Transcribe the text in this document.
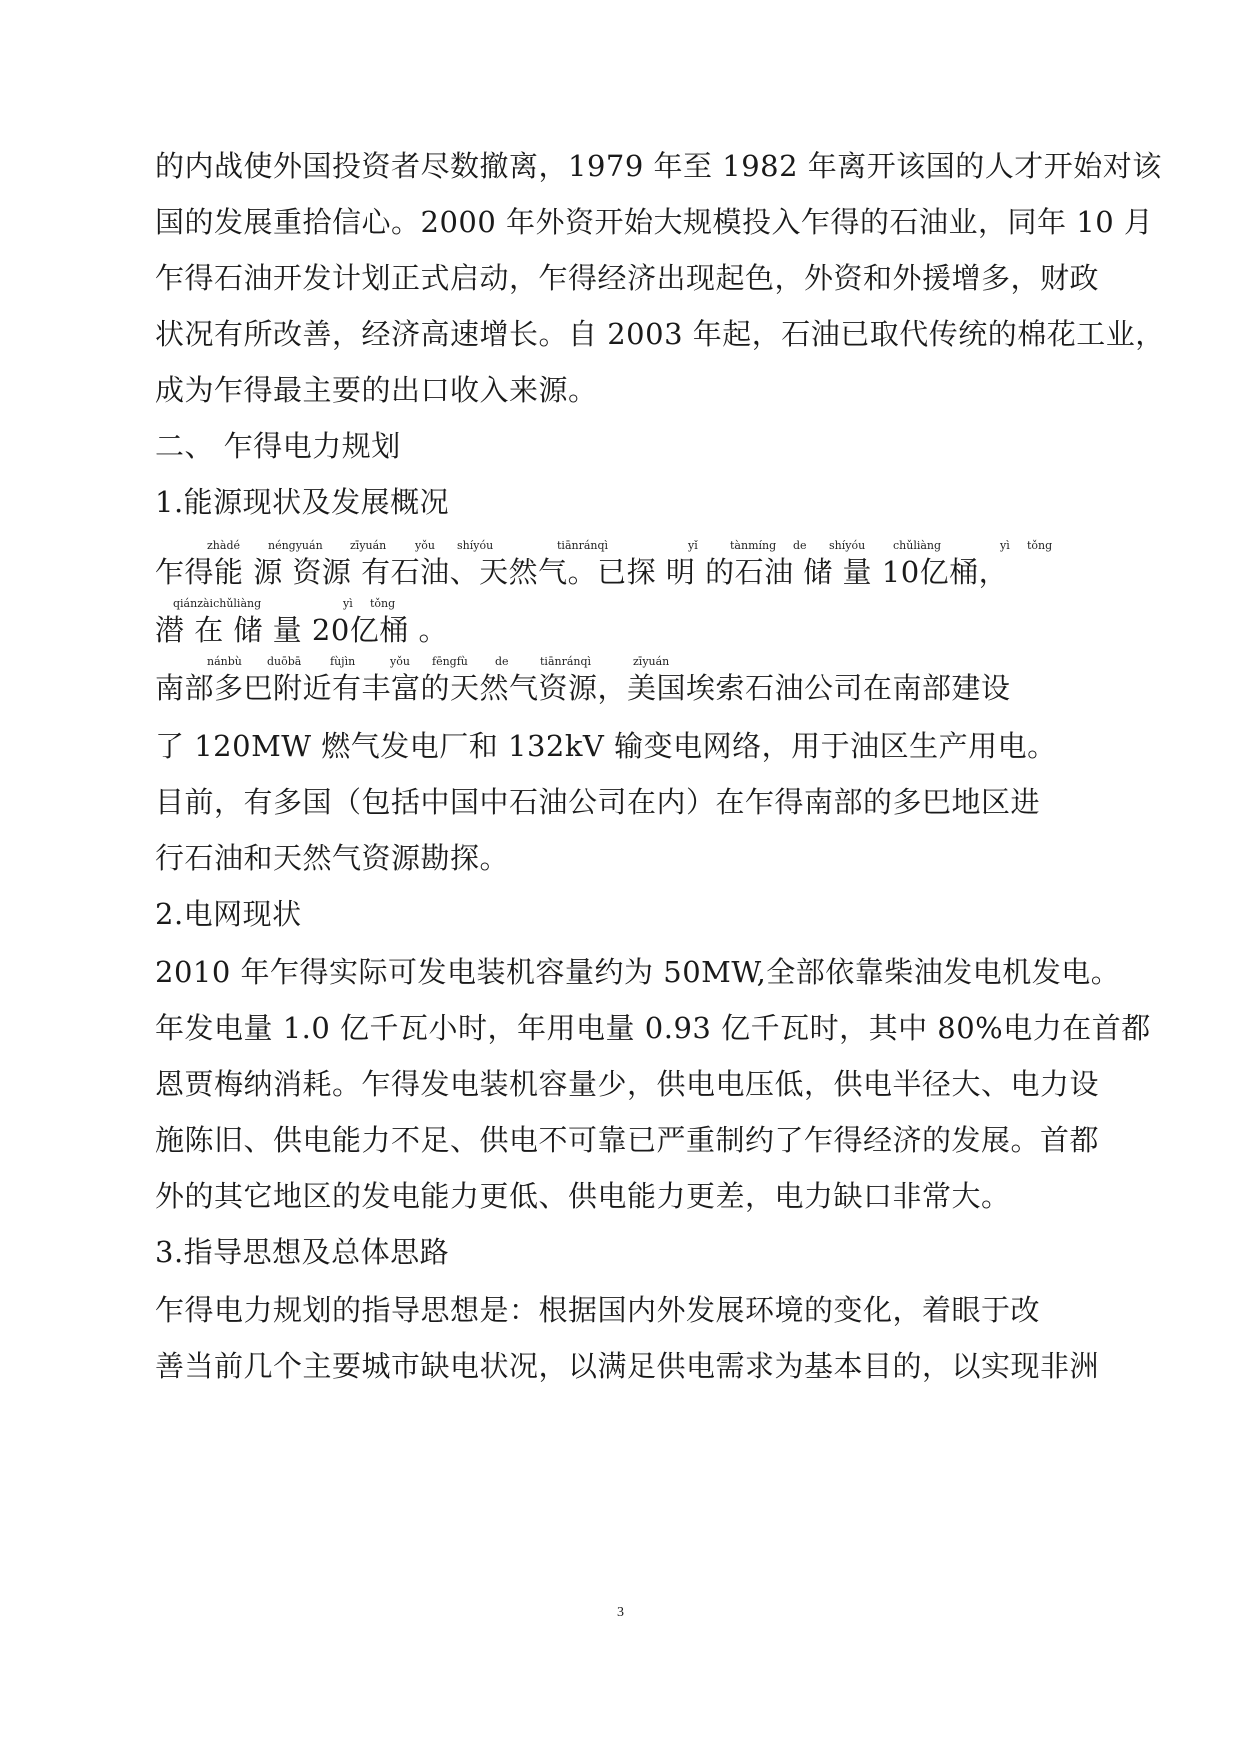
的内战使外国投资者尽数撤离，1979 年至 1982 年离开该国的人才开始对该
国的发展重拾信心。2000 年外资开始大规模投入乍得的石油业，同年 10 月
乍得石油开发计划正式启动，乍得经济出现起色，外资和外援增多，财政
状况有所改善，经济高速增长。自 2003 年起，石油已取代传统的棉花工业，
成为乍得最主要的出口收入来源。
二、 乍得电力规划
1.能源现状及发展概况
zhàdé	néngyuán zīyuán	yǒu shíyóu	tiānránqì	yǐ	tànmíng de shíyóu	chǔliàng	yì tǒng
乍得能 源 资源 有石油、天然气。已探 明 的石油 储 量 10亿桶，
qiánzàichǔliàng	yì tǒng
潜 在 储 量 20亿桶 。
nánbù duōbā	fùjìn	yǒu fēngfù de	tiānránqì	zīyuán
南部多巴附近有丰富的天然气资源，美国埃索石油公司在南部建设
了 120MW 燃气发电厂和 132kV 输变电网络，用于油区生产用电。
目前，有多国（包括中国中石油公司在内）在乍得南部的多巴地区进
行石油和天然气资源勘探。
2.电网现状
2010 年乍得实际可发电装机容量约为 50MW,全部依靠柴油发电机发电。
年发电量 1.0 亿千瓦小时，年用电量 0.93 亿千瓦时，其中 80%电力在首都
恩贾梅纳消耗。乍得发电装机容量少，供电电压低，供电半径大、电力设
施陈旧、供电能力不足、供电不可靠已严重制约了乍得经济的发展。首都
外的其它地区的发电能力更低、供电能力更差，电力缺口非常大。
3.指导思想及总体思路
乍得电力规划的指导思想是：根据国内外发展环境的变化，着眼于改
善当前几个主要城市缺电状况，以满足供电需求为基本目的，以实现非洲
3
